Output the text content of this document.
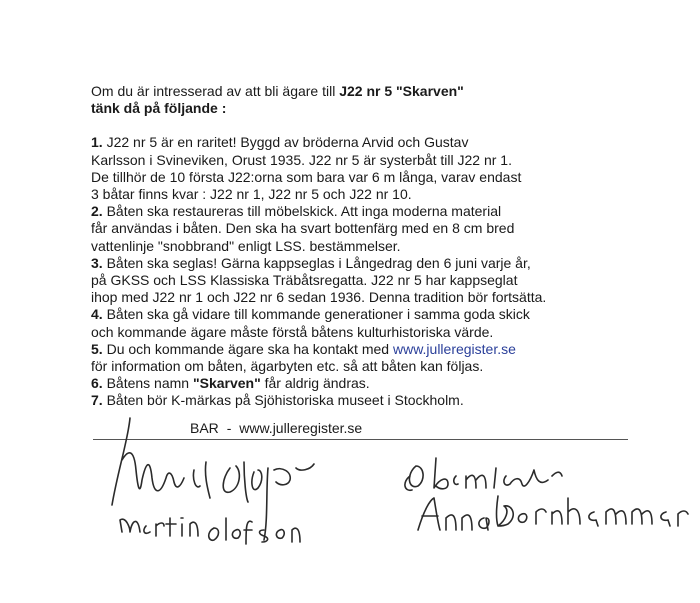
Om du är intresserad av att bli ägare till J22 nr 5 "Skarven"

tänk då på följande :

1. J22 nr 5 är en raritet! Byggd av bröderna Arvid och Gustav

Karlsson i Svineviken, Orust 1935. J22 nr 5 är systerbåt till J22 nr 1.

De tillhör de 10 första J22:orna som bara var 6 m långa, varav endast

3 båtar finns kvar : J22 nr 1, J22 nr 5 och J22 nr 10.

2. Båten ska restaureras till möbelskick. Att inga moderna material

får användas i båten. Den ska ha svart bottenfärg med en 8 cm bred

vattenlinje "snobbrand" enligt LSS. bestämmelser.

3. Båten ska seglas! Gärna kappseglas i Långedrag den 6 juni varje år,

på GKSS och LSS Klassiska Träbåtsregatta. J22 nr 5 har kappseglat

ihop med J22 nr 1 och J22 nr 6 sedan 1936. Denna tradition bör fortsätta.

4. Båten ska gå vidare till kommande generationer i samma goda skick

och kommande ägare måste förstå båtens kulturhistoriska värde.

5. Du och kommande ägare ska ha kontakt med www.julleregister.se

för information om båten, ägarbyten etc. så att båten kan följas.

6. Båtens namn "Skarven" får aldrig ändras.

7. Båten bör K-märkas på Sjöhistoriska museet i Stockholm.

BAR - www.julleregister.se
